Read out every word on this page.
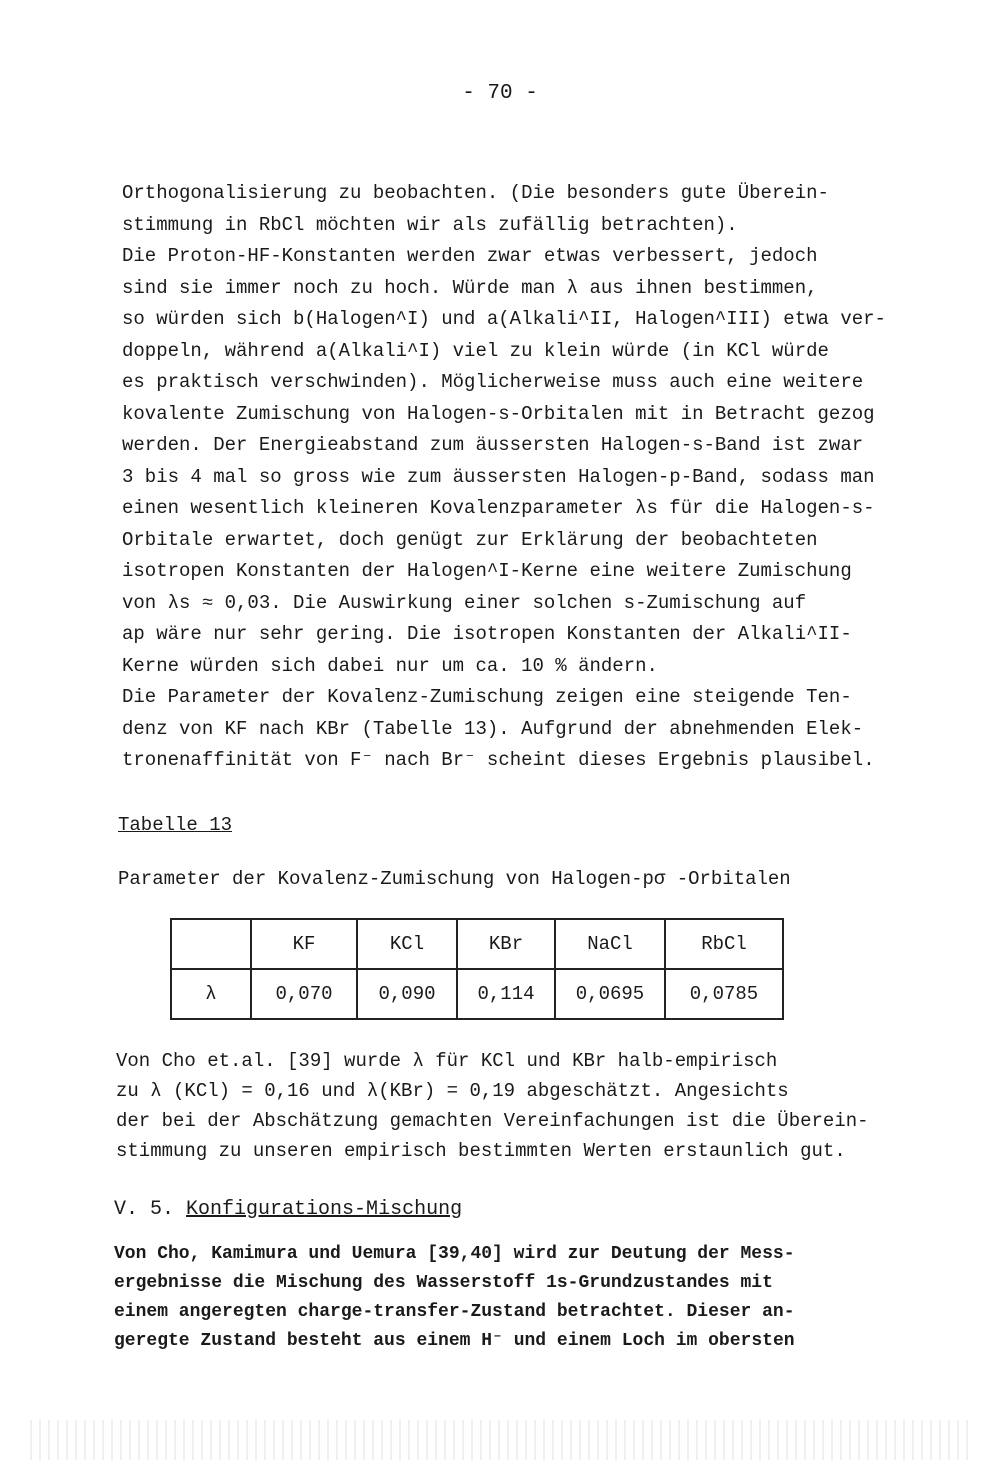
- 70 -
Orthogonalisierung zu beobachten. (Die besonders gute Überein-
stimmung in RbCl möchten wir als zufällig betrachten).
Die Proton-HF-Konstanten werden zwar etwas verbessert, jedoch
sind sie immer noch zu hoch. Würde man λ aus ihnen bestimmen,
so würden sich b(Halogen^I) und a(Alkali^II, Halogen^III) etwa ver-
doppeln, während a(Alkali^I) viel zu klein würde (in KCl würde
es praktisch verschwinden). Möglicherweise muss auch eine weitere
kovalente Zumischung von Halogen-s-Orbitalen mit in Betracht gezog
werden. Der Energieabstand zum äussersten Halogen-s-Band ist zwar
3 bis 4 mal so gross wie zum äussersten Halogen-p-Band, sodass man
einen wesentlich kleineren Kovalenzparameter λs für die Halogen-s-
Orbitale erwartet, doch genügt zur Erklärung der beobachteten
isotropen Konstanten der Halogen^I-Kerne eine weitere Zumischung
von λs ≈ 0,03. Die Auswirkung einer solchen s-Zumischung auf
ap wäre nur sehr gering. Die isotropen Konstanten der Alkali^II-
Kerne würden sich dabei nur um ca. 10 % ändern.
Die Parameter der Kovalenz-Zumischung zeigen eine steigende Ten-
denz von KF nach KBr (Tabelle 13). Aufgrund der abnehmenden Elek-
tronenaffinität von F⁻ nach Br⁻ scheint dieses Ergebnis plausibel.
Tabelle 13
Parameter der Kovalenz-Zumischung von Halogen-pσ -Orbitalen
	KF	KCl	KBr	NaCl	RbCl
λ	0,070	0,090	0,114	0,0695	0,0785
Von Cho et.al. [39] wurde λ für KCl und KBr halb-empirisch
zu λ (KCl) = 0,16 und λ(KBr) = 0,19 abgeschätzt. Angesichts
der bei der Abschätzung gemachten Vereinfachungen ist die Überein-
stimmung zu unseren empirisch bestimmten Werten erstaunlich gut.
V. 5. Konfigurations-Mischung
Von Cho, Kamimura und Uemura [39,40] wird zur Deutung der Mess-
ergebnisse die Mischung des Wasserstoff 1s-Grundzustandes mit
einem angeregten charge-transfer-Zustand betrachtet. Dieser an-
geregte Zustand besteht aus einem H⁻ und einem Loch im obersten
